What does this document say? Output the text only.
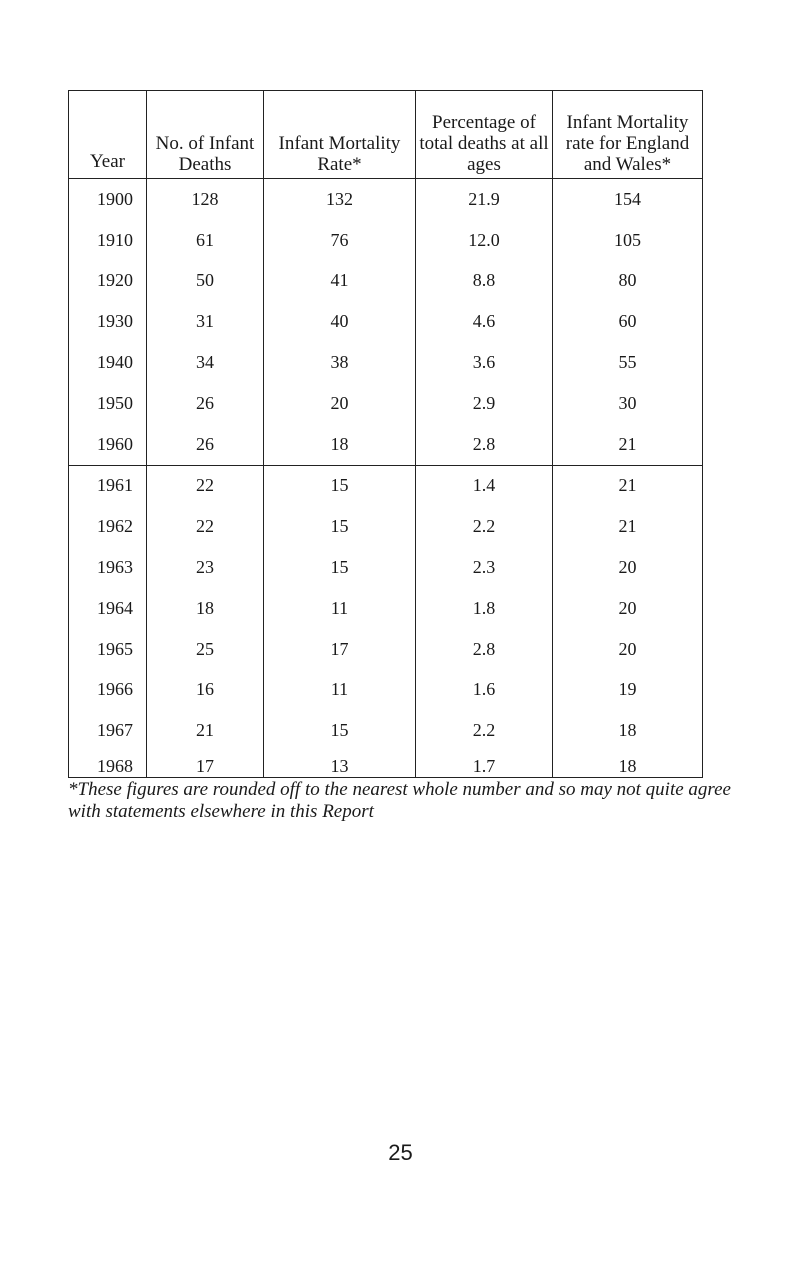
Year	No. of Infant Deaths	Infant Mortality Rate*	Percentage of total deaths at all ages	Infant Mortality rate for England and Wales*
1900	128	132	21.9	154
1910	61	76	12.0	105
1920	50	41	8.8	80
1930	31	40	4.6	60
1940	34	38	3.6	55
1950	26	20	2.9	30
1960	26	18	2.8	21
1961	22	15	1.4	21
1962	22	15	2.2	21
1963	23	15	2.3	20
1964	18	11	1.8	20
1965	25	17	2.8	20
1966	16	11	1.6	19
1967	21	15	2.2	18
1968	17	13	1.7	18
*These figures are rounded off to the nearest whole number and so may not quite agree with statements elsewhere in this Report
25
